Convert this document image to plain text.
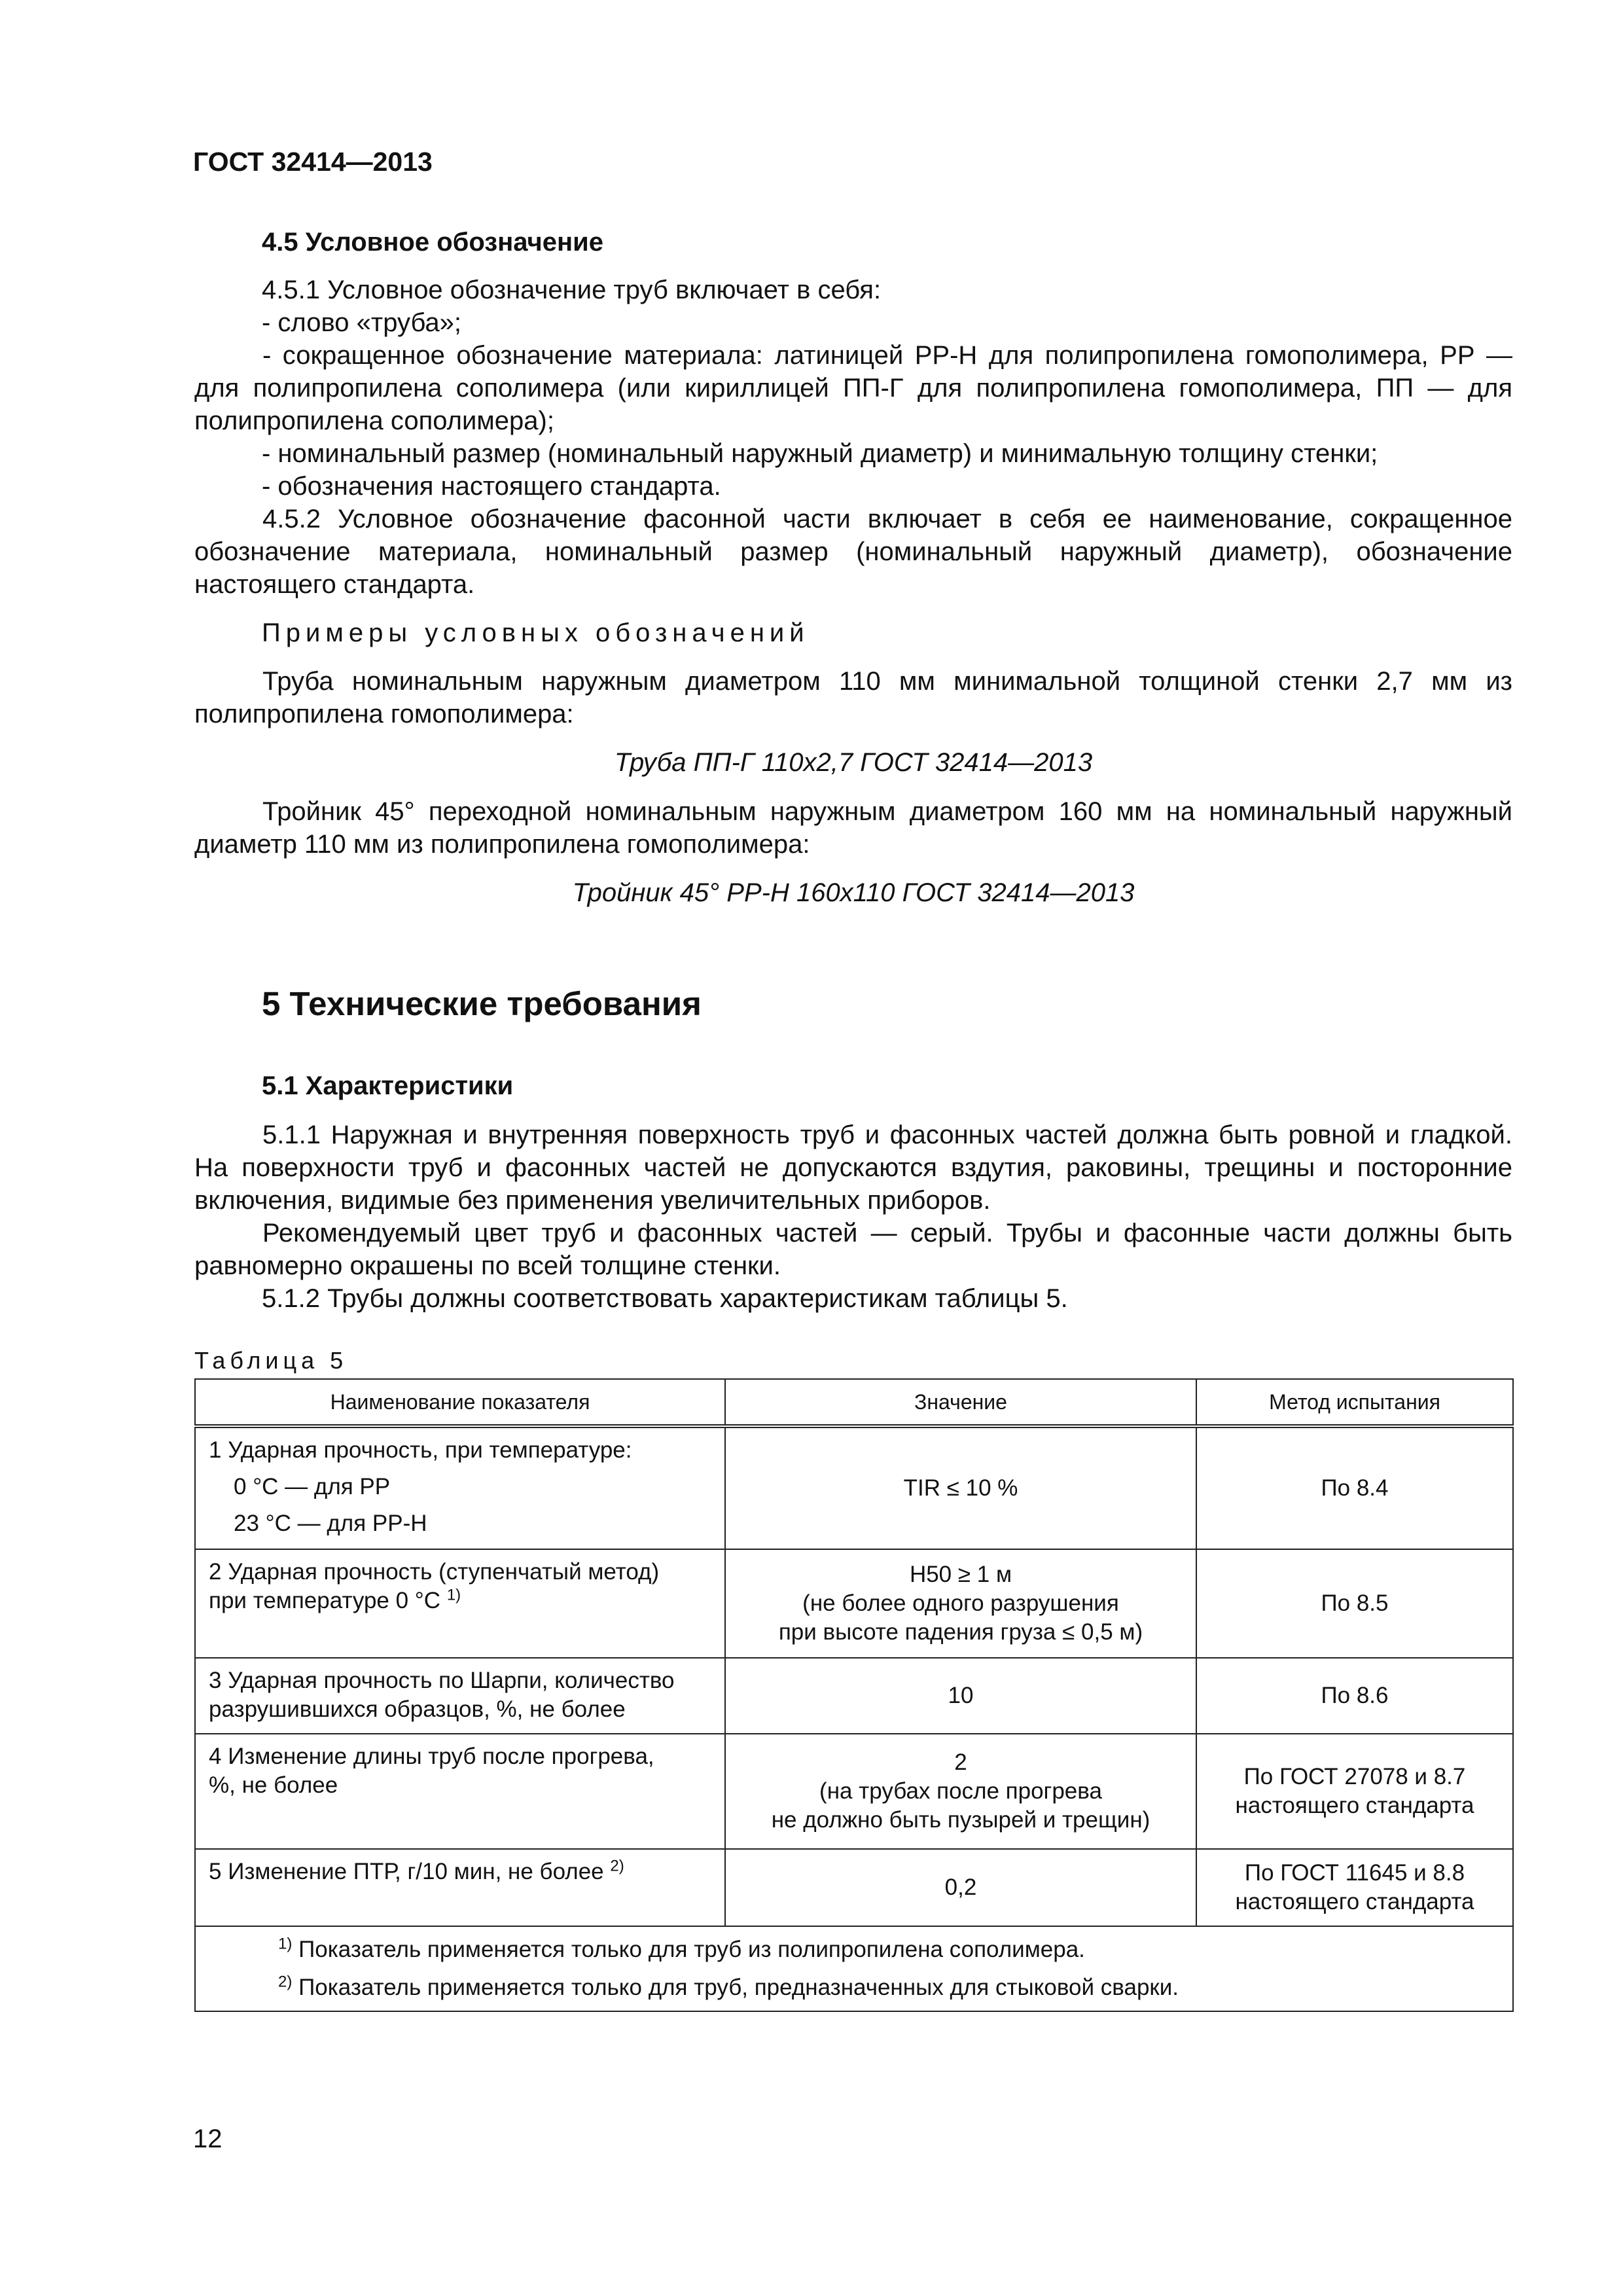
ГОСТ 32414—2013
4.5 Условное обозначение
4.5.1 Условное обозначение труб включает в себя:
- слово «труба»;
- сокращенное обозначение материала: латиницей РР-Н для полипропилена гомополимера, РР — для полипропилена сополимера (или кириллицей ПП-Г для полипропилена гомополимера, ПП — для полипропилена сополимера);
- номинальный размер (номинальный наружный диаметр) и минимальную толщину стенки;
- обозначения настоящего стандарта.
4.5.2 Условное обозначение фасонной части включает в себя ее наименование, сокращенное обозначение материала, номинальный размер (номинальный наружный диаметр), обозначение настоящего стандарта.
Примеры условных обозначений
Труба номинальным наружным диаметром 110 мм минимальной толщиной стенки 2,7 мм из полипропилена гомополимера:
Труба ПП-Г 110х2,7 ГОСТ 32414—2013
Тройник 45° переходной номинальным наружным диаметром 160 мм на номинальный наружный диаметр 110 мм из полипропилена гомополимера:
Тройник 45° РР-Н 160х110 ГОСТ 32414—2013
5 Технические требования
5.1 Характеристики
5.1.1 Наружная и внутренняя поверхность труб и фасонных частей должна быть ровной и гладкой. На поверхности труб и фасонных частей не допускаются вздутия, раковины, трещины и посторонние включения, видимые без применения увеличительных приборов.
Рекомендуемый цвет труб и фасонных частей — серый. Трубы и фасонные части должны быть равномерно окрашены по всей толщине стенки.
5.1.2 Трубы должны соответствовать характеристикам таблицы 5.
Таблица 5
Наименование показателя	Значение	Метод испытания

1 Ударная прочность, при температуре:
0 °С — для РР
23 °С — для РР-Н	TIR ≤ 10 %	По 8.4

2 Ударная прочность (ступенчатый метод)
при температуре 0 °С $^{1)}$	H50 ≥ 1 м
(не более одного разрушения
при высоте падения груза ≤ 0,5 м)	По 8.5

3 Ударная прочность по Шарпи, количество
разрушившихся образцов, %, не более	10	По 8.6

4 Изменение длины труб после прогрева,
%, не более	2
(на трубах после прогрева
не должно быть пузырей и трещин)	По ГОСТ 27078 и 8.7
настоящего стандарта

5 Изменение ПТР, г/10 мин, не более $^{2)}$	0,2	По ГОСТ 11645 и 8.8
настоящего стандарта

$^{1)}$ Показатель применяется только для труб из полипропилена сополимера.
$^{2)}$ Показатель применяется только для труб, предназначенных для стыковой сварки.		
12
